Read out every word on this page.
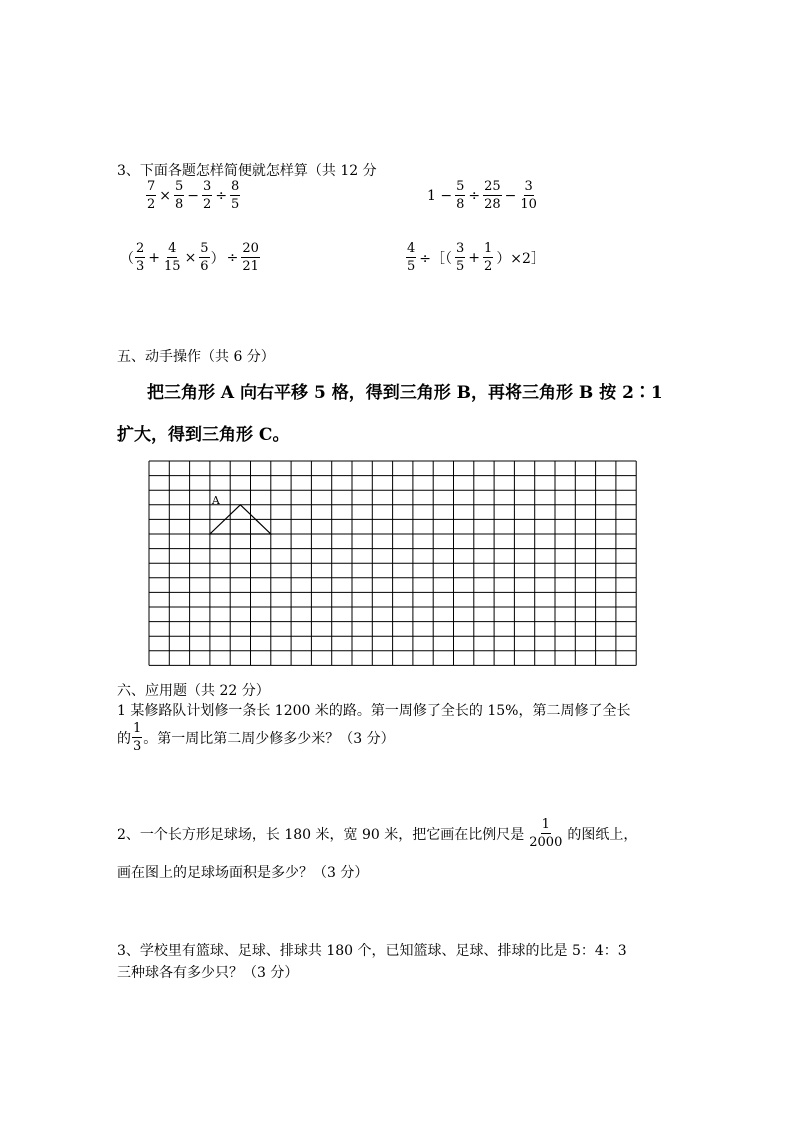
3、下面各题怎样简便就怎样算（共 12 分
$\frac{7}{2} \times \frac{5}{8} - \frac{3}{2} \div \frac{8}{5}$	$1 - \frac{5}{8} \div \frac{25}{28} - \frac{3}{10}$
（ $\frac{2}{3} + \frac{4}{15} \times \frac{5}{6}$ ） ÷ $\frac{20}{21}$	$\frac{4}{5}$ ÷［（ $\frac{3}{5} + \frac{1}{2}$ ）×2］
五、动手操作（共 6 分）
把三角形 A 向右平移 5 格，得到三角形 B，再将三角形 B 按 2∶1
扩大，得到三角形 C。
A
六、应用题（共 22 分）
1 某修路队计划修一条长 1200 米的路。第一周修了全长的 15%，第二周修了全长
的 $\frac{1}{3}$ 。第一周比第二周少修多少米？（3 分）
2、一个长方形足球场，长 180 米，宽 90 米，把它画在比例尺是 $\frac{1}{2000}$ 的图纸上，
画在图上的足球场面积是多少？（3 分）
3、学校里有篮球、足球、排球共 180 个，已知篮球、足球、排球的比是 5：4：3
三种球各有多少只？（3 分）
